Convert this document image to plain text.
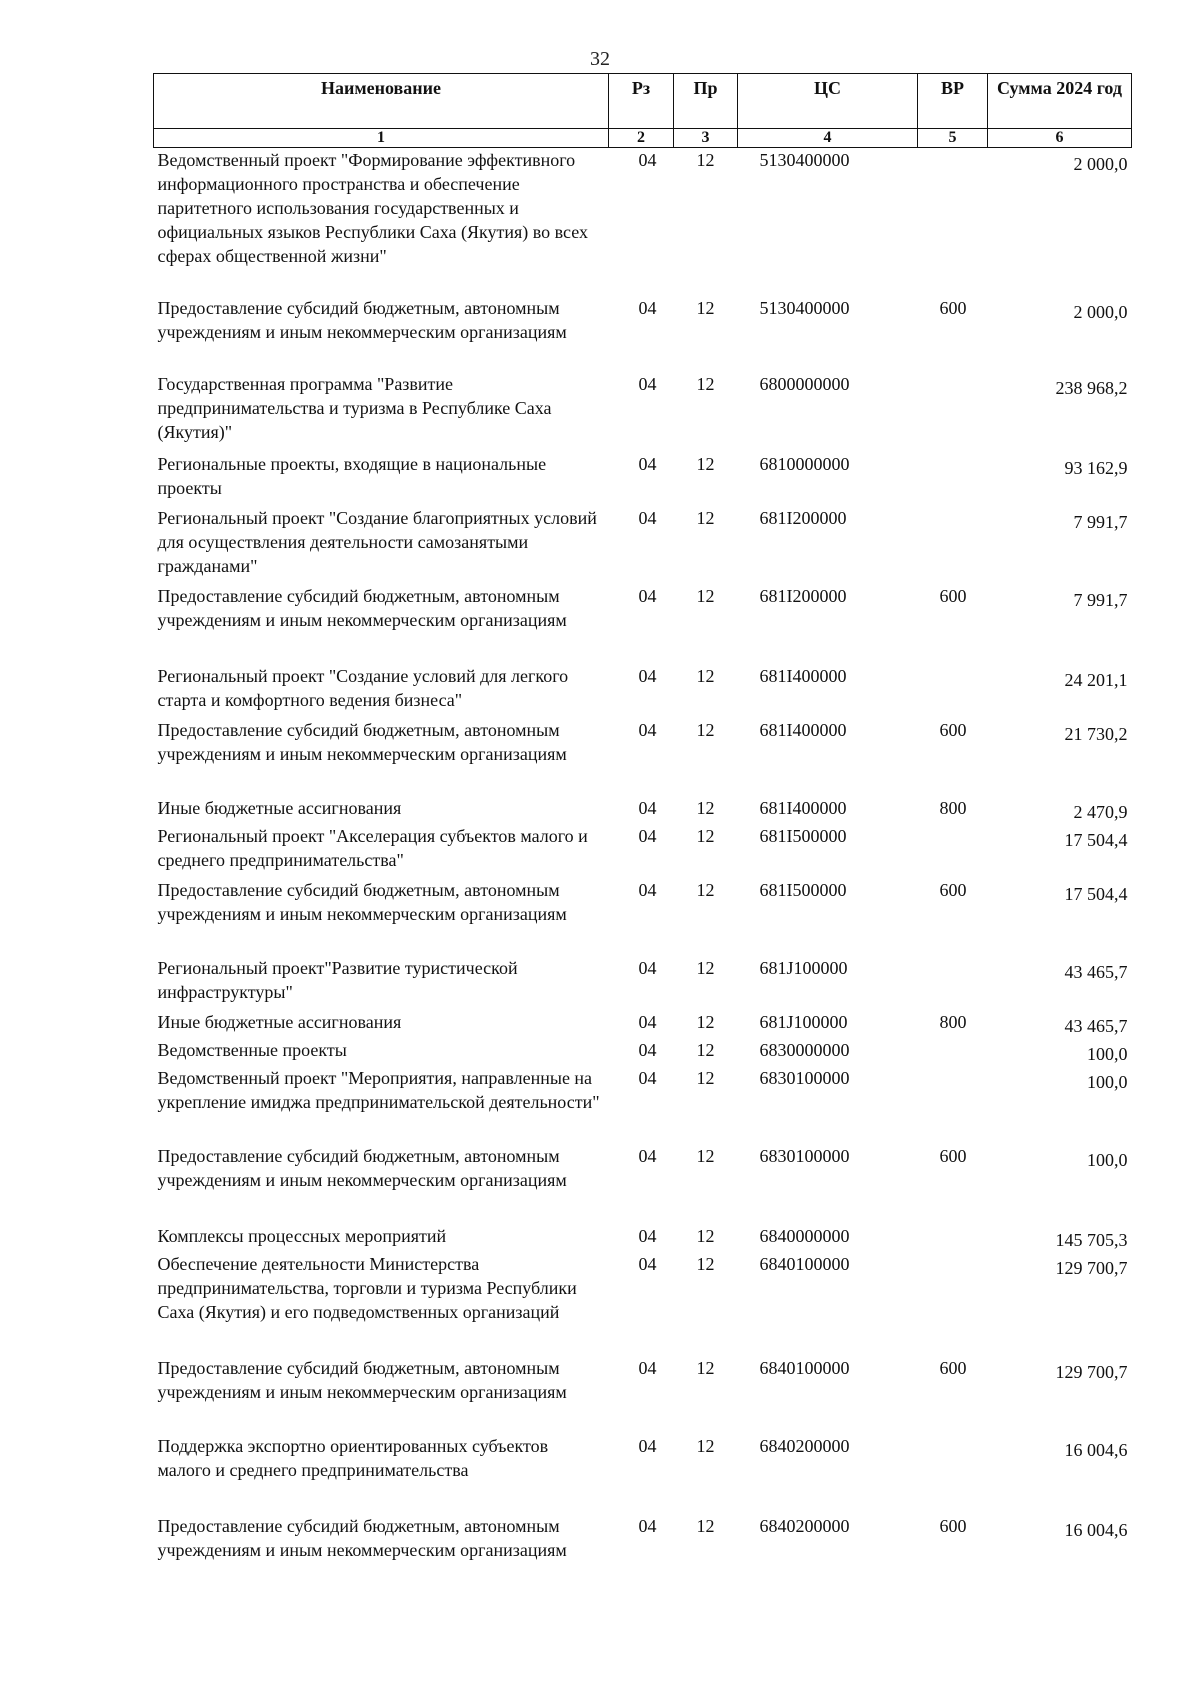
32
Наименование	Рз	Пр	ЦС	ВР	Сумма 2024 год
1	2	3	4	5	6
Ведомственный проект "Формирование эффективного информационного пространства и обеспечение паритетного использования государственных и официальных языков Республики Саха (Якутия) во всех сферах общественной жизни"	04	12	5130400000		2 000,0
Предоставление субсидий бюджетным, автономным учреждениям и иным некоммерческим организациям	04	12	5130400000	600	2 000,0
Государственная программа "Развитие предпринимательства и туризма в Республике Саха (Якутия)"	04	12	6800000000		238 968,2
Региональные проекты, входящие в национальные проекты	04	12	6810000000		93 162,9
Региональный проект "Создание благоприятных условий для осуществления деятельности самозанятыми гражданами"	04	12	681I200000		7 991,7
Предоставление субсидий бюджетным, автономным учреждениям и иным некоммерческим организациям	04	12	681I200000	600	7 991,7
Региональный проект "Создание условий для легкого старта и комфортного ведения бизнеса"	04	12	681I400000		24 201,1
Предоставление субсидий бюджетным, автономным учреждениям и иным некоммерческим организациям	04	12	681I400000	600	21 730,2
Иные бюджетные ассигнования	04	12	681I400000	800	2 470,9
Региональный проект "Акселерация субъектов малого и среднего предпринимательства"	04	12	681I500000		17 504,4
Предоставление субсидий бюджетным, автономным учреждениям и иным некоммерческим организациям	04	12	681I500000	600	17 504,4
Региональный проект"Развитие туристической инфраструктуры"	04	12	681J100000		43 465,7
Иные бюджетные ассигнования	04	12	681J100000	800	43 465,7
Ведомственные проекты	04	12	6830000000		100,0
Ведомственный проект "Мероприятия, направленные на укрепление имиджа предпринимательской деятельности"	04	12	6830100000		100,0
Предоставление субсидий бюджетным, автономным учреждениям и иным некоммерческим организациям	04	12	6830100000	600	100,0
Комплексы процессных мероприятий	04	12	6840000000		145 705,3
Обеспечение деятельности Министерства предпринимательства, торговли и туризма Республики Саха (Якутия) и его подведомственных организаций	04	12	6840100000		129 700,7
Предоставление субсидий бюджетным, автономным учреждениям и иным некоммерческим организациям	04	12	6840100000	600	129 700,7
Поддержка экспортно ориентированных субъектов малого и среднего предпринимательства	04	12	6840200000		16 004,6
Предоставление субсидий бюджетным, автономным учреждениям и иным некоммерческим организациям	04	12	6840200000	600	16 004,6
